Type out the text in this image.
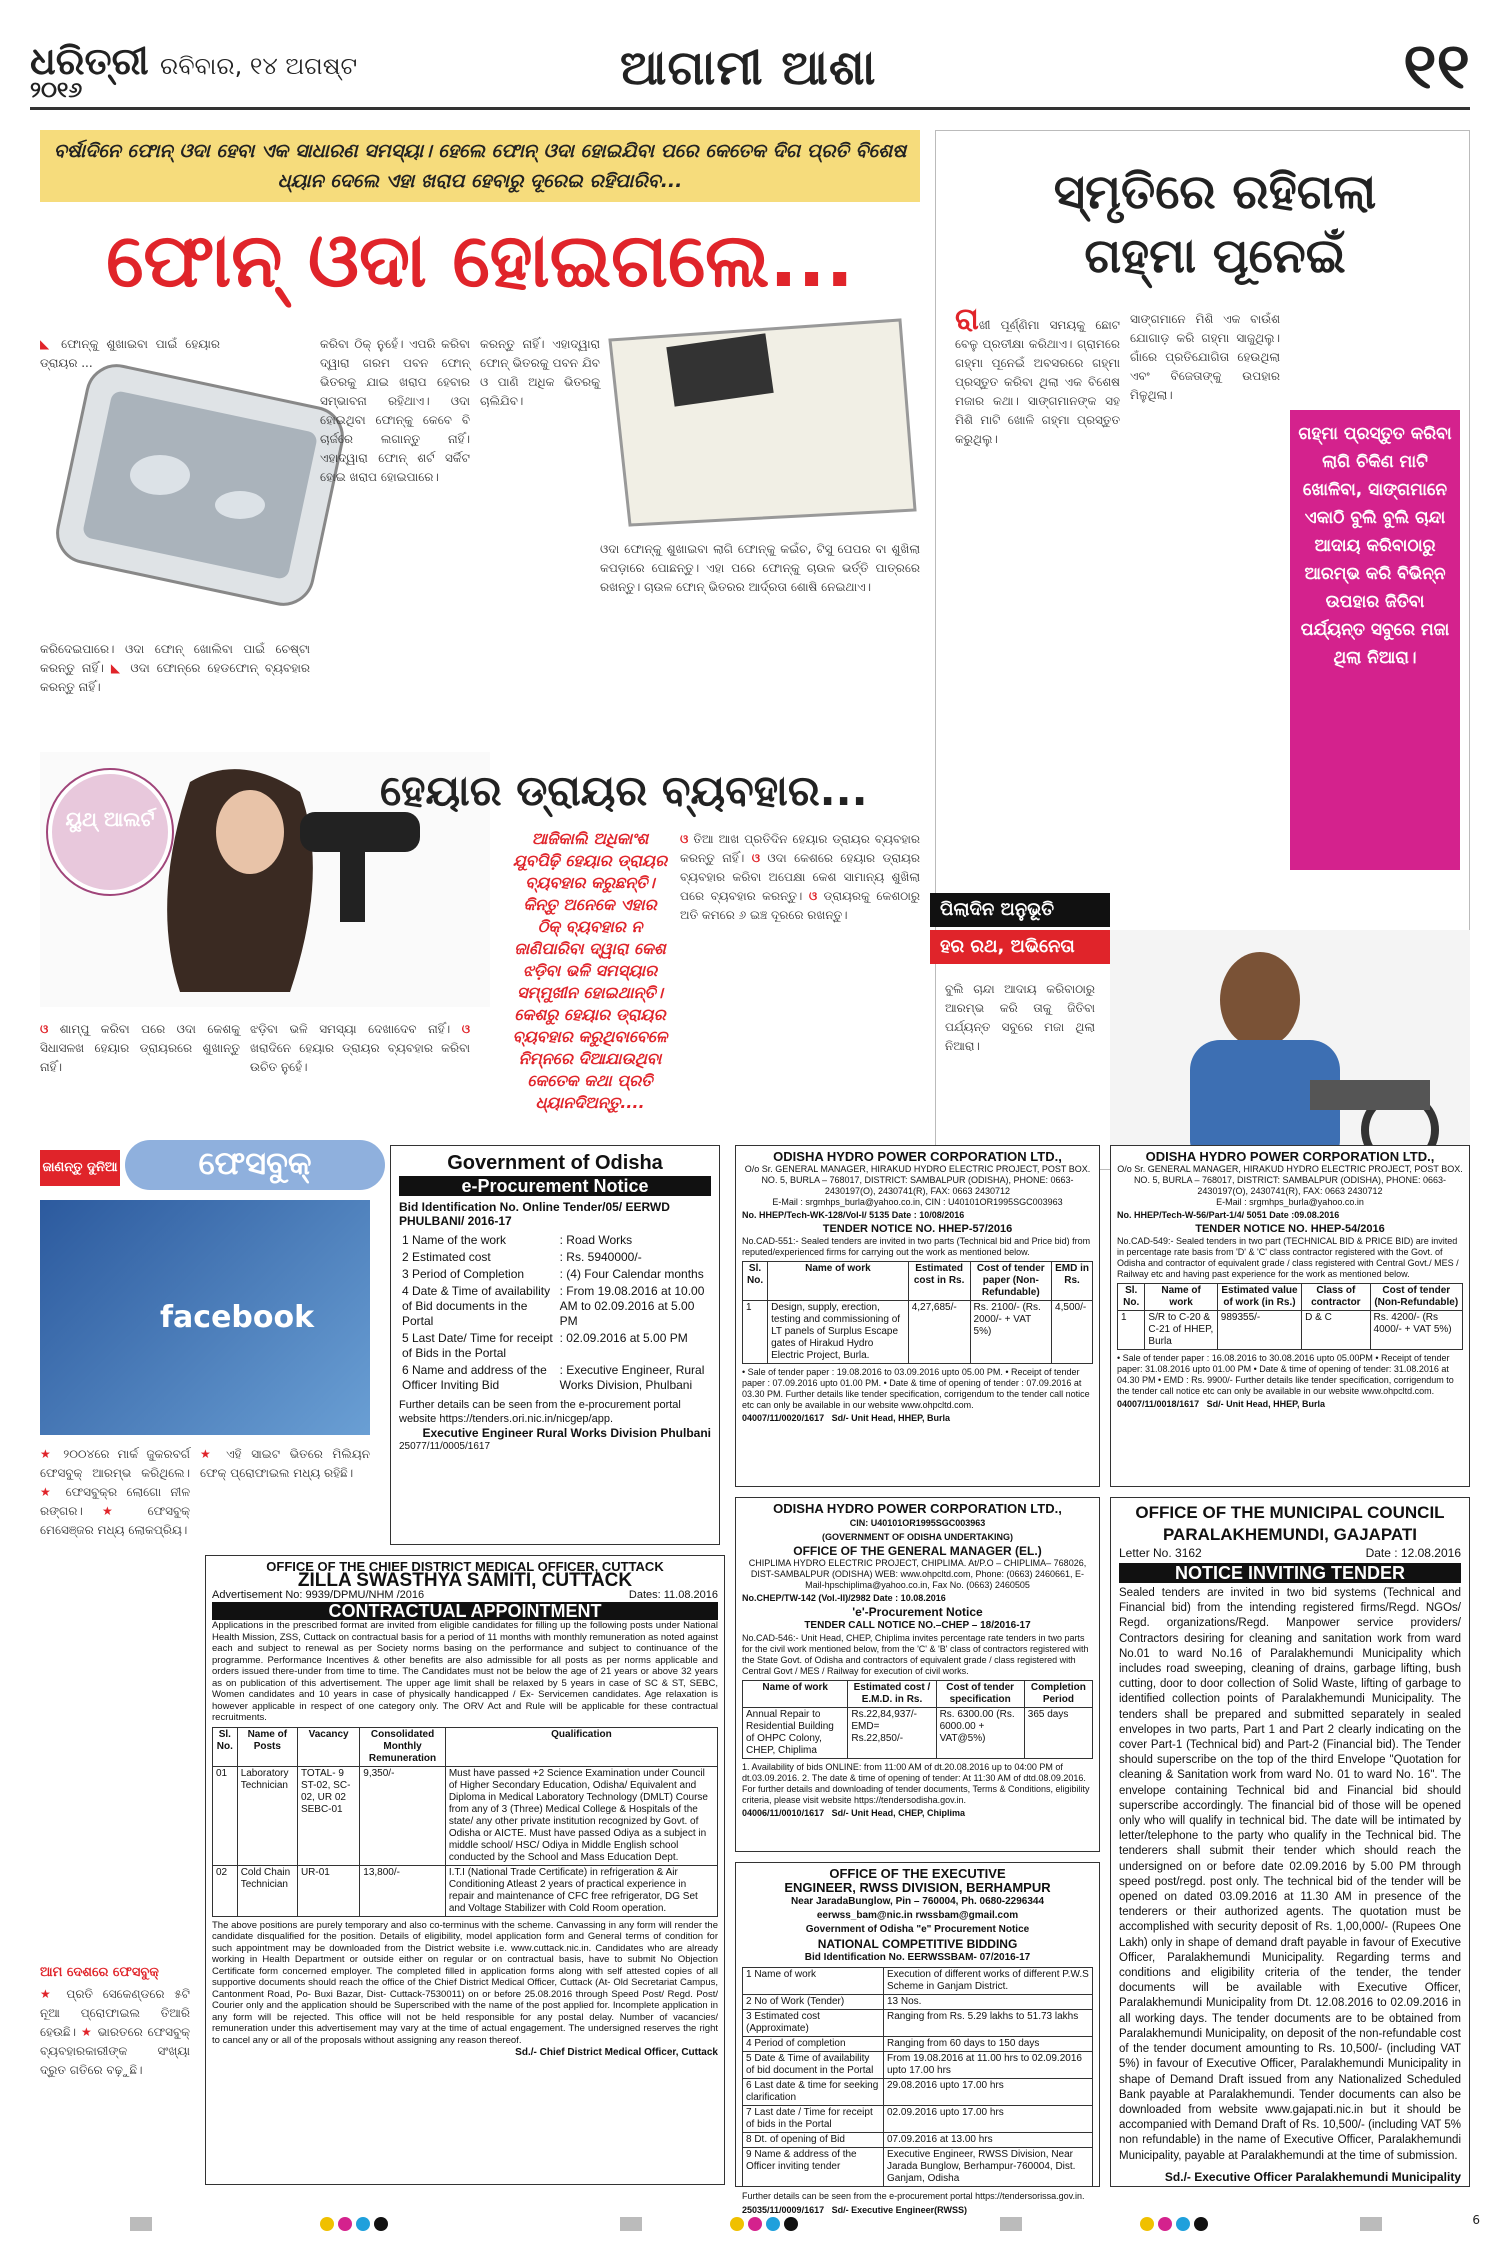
ଧରିତ୍ରୀ
୨୦୧୬
ରବିବାର, ୧୪ ଅଗଷ୍ଟ	ଆଗାମୀ ଆଶା	୧୧
ବର୍ଷାଦିନେ ଫୋନ୍ ଓଦା ହେବା ଏକ ସାଧାରଣ ସମସ୍ୟା। ହେଲେ ଫୋନ୍ ଓଦା ହୋଇଯିବା ପରେ କେତେକ ଦିଗ ପ୍ରତି ବିଶେଷ ଧ୍ୟାନ ଦେଲେ ଏହା ଖରାପ ହେବାରୁ ଦୂରେଇ ରହିପାରିବ...
ଫୋନ୍ ଓଦା ହୋଇଗଲେ...
◣ ଫୋନ୍କୁ ଶୁଖାଇବା ପାଇଁ ହେୟାର ଡ୍ରାୟର ...
କରିବା ଠିକ୍ ନୁହେଁ। ଏପରି କରିବା ଦ୍ୱାରା ଗରମ ପବନ ଫୋନ୍ ଭିତରକୁ ଯାଇ ଖରାପ ହେବାର ସମ୍ଭାବନା ରହିଥାଏ। ଓଦା ହୋଇଥିବା ଫୋନ୍କୁ କେବେ ବି ଚାର୍ଜରେ ଲଗାନ୍ତୁ ନାହିଁ। ଏହାଦ୍ୱାରା ଫୋନ୍ ଶର୍ଟ ସର୍କିଟ ହୋଇ ଖରାପ ହୋଇପାରେ।
କରନ୍ତୁ ନାହିଁ। ଏହାଦ୍ୱାରା ଫୋନ୍ ଭିତରକୁ ପବନ ଯିବ ଓ ପାଣି ଅଧିକ ଭିତରକୁ ଚାଲିଯିବ।
ଓଦା ଫୋନ୍କୁ ଶୁଖାଇବା ଲାଗି ଫୋନ୍କୁ କଇଁଚ, ଟିସୁ ପେପର ବା ଶୁଖିଲା କପଡ଼ାରେ ପୋଛନ୍ତୁ। ଏହା ପରେ ଫୋନ୍କୁ ଚାଉଳ ଭର୍ତ୍ତି ପାତ୍ରରେ ରଖନ୍ତୁ। ଚାଉଳ ଫୋନ୍ ଭିତରର ଆର୍ଦ୍ରତା ଶୋଷି ନେଇଥାଏ।
କରିଦେଇପାରେ। ଓଦା ଫୋନ୍ ଖୋଲିବା ପାଇଁ ଚେଷ୍ଟା କରନ୍ତୁ ନାହିଁ। ◣ ଓଦା ଫୋନ୍ରେ ହେଡଫୋନ୍ ବ୍ୟବହାର କରନ୍ତୁ ନାହିଁ।
ସ୍ମୃତିରେ ରହିଗଲା
ଗହ୍ମା ପୂନେଇଁ
ରାଖୀ ପୂର୍ଣ୍ଣିମା ସମୟକୁ ଛୋଟ ବେଳୁ ପ୍ରତୀକ୍ଷା କରିଥାଏ। ଗ୍ରାମରେ ଗହ୍ମା ପୂନେଇଁ ଅବସରରେ ଗହ୍ମା ପ୍ରସ୍ତୁତ କରିବା ଥିଲା ଏକ ବିଶେଷ ମଜାର କଥା। ସାଙ୍ଗମାନଙ୍କ ସହ ମିଶି ମାଟି ଖୋଳି ଗହ୍ମା ପ୍ରସ୍ତୁତ କରୁଥିଲୁ।
ସାଙ୍ଗମାନେ ମିଶି ଏକ ବାଉଁଶ ଯୋଗାଡ଼ କରି ଗହ୍ମା ସାଜୁଥିଲୁ। ଗାଁରେ ପ୍ରତିଯୋଗିତା ହେଉଥିଲା ଏବଂ ବିଜେତାଙ୍କୁ ଉପହାର ମିଳୁଥିଲା।
ଗହ୍ମା ପ୍ରସ୍ତୁତ କରିବା ଲାଗି ଚିକିଣ ମାଟି ଖୋଳିବା, ସାଙ୍ଗମାନେ ଏକାଠି ବୁଲି ବୁଲି ଚାନ୍ଦା ଆଦାୟ କରିବାଠାରୁ ଆରମ୍ଭ କରି ବିଭିନ୍ନ ଉପହାର ଜିତିବା ପର୍ଯ୍ୟନ୍ତ ସବୁରେ ମଜା ଥିଲା ନିଆରା।
ପିଲାଦିନ ଅନୁଭୂତି
ହର ରଥ, ଅଭିନେତା
ବୁଲି ଚାନ୍ଦା ଆଦାୟ କରିବାଠାରୁ ଆରମ୍ଭ କରି ତାକୁ ଜିତିବା ପର୍ଯ୍ୟନ୍ତ ସବୁରେ ମଜା ଥିଲା ନିଆରା।
ୟୁଥ୍ ଆଲର୍ଟ
ହେୟାର ଡ୍ରାୟର ବ୍ୟବହାର...
ଆଜିକାଲି ଅଧିକାଂଶ ଯୁବପିଢ଼ି ହେୟାର ଡ୍ରାୟର ବ୍ୟବହାର କରୁଛନ୍ତି। କିନ୍ତୁ ଅନେକେ ଏହାର ଠିକ୍ ବ୍ୟବହାର ନ ଜାଣିପାରିବା ଦ୍ୱାରା କେଶ ଝଡ଼ିବା ଭଳି ସମସ୍ୟାର ସମ୍ମୁଖୀନ ହୋଇଥାନ୍ତି। କେଶରୁ ହେୟାର ଡ୍ରାୟର ବ୍ୟବହାର କରୁଥିବାବେଳେ ନିମ୍ନରେ ଦିଆଯାଉଥିବା କେତେକ କଥା ପ୍ରତି ଧ୍ୟାନଦିଅନ୍ତୁ....
ଓ ତିଆ ଆଖ ପ୍ରତିଦିନ ହେୟାର ଡ୍ରାୟର ବ୍ୟବହାର କରନ୍ତୁ ନାହିଁ। ଓ ଓଦା କେଶରେ ହେୟାର ଡ୍ରାୟର ବ୍ୟବହାର କରିବା ଅପେକ୍ଷା କେଶ ସାମାନ୍ୟ ଶୁଖିଲା ପରେ ବ୍ୟବହାର କରନ୍ତୁ। ଓ ଡ୍ରାୟରକୁ କେଶଠାରୁ ଅତି କମରେ ୬ ଇଞ୍ଚ ଦୂରରେ ରଖନ୍ତୁ।
ଓ ଶାମ୍ପୁ କରିବା ପରେ ଓଦା କେଶକୁ ସିଧାସଳଖ ହେୟାର ଡ୍ରାୟରରେ ଶୁଖାନ୍ତୁ ନାହିଁ।
ଝଡ଼ିବା ଭଳି ସମସ୍ୟା ଦେଖାଦେବ ନାହିଁ। ଓ ଖରାଦିନେ ହେୟାର ଡ୍ରାୟର ବ୍ୟବହାର କରିବା ଉଚିତ ନୁହେଁ।
ଜାଣନ୍ତୁ ଦୁନିଆ	ଫେସବୁକ୍
facebook
★ ୨୦୦୪ରେ ମାର୍କ ଜୁକରବର୍ଗ ଫେସବୁକ୍ ଆରମ୍ଭ କରିଥିଲେ। ★ ଫେସବୁକ୍ର ଲୋଗୋ ନୀଳ ରଙ୍ଗର। ★ ଫେସବୁକ୍ ମେସେଞ୍ଜର ମଧ୍ୟ ଲୋକପ୍ରିୟ।
★ ଏହି ସାଇଟ ଭିତରେ ମିଲିୟନ ଫେକ୍ ପ୍ରୋଫାଇଲ ମଧ୍ୟ ରହିଛି।
ଆମ ଦେଶରେ ଫେସବୁକ୍
★ ପ୍ରତି ସେକେଣ୍ଡରେ ୫ଟି ନୂଆ ପ୍ରୋଫାଇଲ ତିଆରି ହେଉଛି। ★ ଭାରତରେ ଫେସବୁକ୍ ବ୍ୟବହାରକାରୀଙ୍କ ସଂଖ୍ୟା ଦ୍ରୁତ ଗତିରେ ବଢ଼ୁଛି।
Government of Odisha
e-Procurement Notice
Bid Identification No. Online Tender/05/ EERWD PHULBANI/ 2016-17
1 Name of the work	: Road Works
2 Estimated cost	: Rs. 5940000/-
3 Period of Completion	: (4) Four Calendar months
4 Date & Time of availability of Bid documents in the Portal	: From 19.08.2016 at 10.00 AM to 02.09.2016 at 5.00 PM
5 Last Date/ Time for receipt of Bids in the Portal	: 02.09.2016 at 5.00 PM
6 Name and address of the Officer Inviting Bid	: Executive Engineer, Rural Works Division, Phulbani
Further details can be seen from the e-procurement portal website https://tenders.ori.nic.in/nicgep/app.
Executive Engineer Rural Works Division Phulbani
25077/11/0005/1617
ODISHA HYDRO POWER CORPORATION LTD.,
O/o Sr. GENERAL MANAGER, HIRAKUD HYDRO ELECTRIC PROJECT, POST BOX. NO. 5, BURLA – 768017, DISTRICT: SAMBALPUR (ODISHA), PHONE: 0663-2430197(O), 2430741(R), FAX: 0663 2430712
E-Mail : srgmhps_burla@yahoo.co.in, CIN : U40101OR1995SGC003963
No. HHEP/Tech-WK-128/Vol-I/ 5135 Date : 10/08/2016
TENDER NOTICE NO. HHEP-57/2016
No.CAD-551:- Sealed tenders are invited in two parts (Technical bid and Price bid) from reputed/experienced firms for carrying out the work as mentioned below.
Sl. No.	Name of work	Estimated cost in Rs.	Cost of tender paper (Non-Refundable)	EMD in Rs.
1	Design, supply, erection, testing and commissioning of LT panels of Surplus Escape gates of Hirakud Hydro Electric Project, Burla.	4,27,685/-	Rs. 2100/- (Rs. 2000/- + VAT 5%)	4,500/-
• Sale of tender paper : 19.08.2016 to 03.09.2016 upto 05.00 PM. • Receipt of tender paper : 07.09.2016 upto 01.00 PM. • Date & time of opening of tender : 07.09.2016 at 03.30 PM. Further details like tender specification, corrigendum to the tender call notice etc can only be available in our website www.ohpcltd.com.
04007/11/0020/1617 Sd/- Unit Head, HHEP, Burla
ODISHA HYDRO POWER CORPORATION LTD.,
O/o Sr. GENERAL MANAGER, HIRAKUD HYDRO ELECTRIC PROJECT, POST BOX. NO. 5, BURLA – 768017, DISTRICT: SAMBALPUR (ODISHA), PHONE: 0663-2430197(O), 2430741(R), FAX: 0663 2430712
E-Mail : srgmhps_burla@yahoo.co.in
No. HHEP/Tech-W-56/Part-1/4/ 5051 Date :09.08.2016
TENDER NOTICE NO. HHEP-54/2016
No.CAD-549:- Sealed tenders in two part (TECHNICAL BID & PRICE BID) are invited in percentage rate basis from 'D' & 'C' class contractor registered with the Govt. of Odisha and contractor of equivalent grade / class registered with Central Govt./ MES / Railway etc and having past experience for the work as mentioned below.
Sl. No.	Name of work	Estimated value of work (in Rs.)	Class of contractor	Cost of tender (Non-Refundable)
1	S/R to C-20 & C-21 of HHEP, Burla	989355/-	D & C	Rs. 4200/- (Rs 4000/- + VAT 5%)
• Sale of tender paper : 16.08.2016 to 30.08.2016 upto 05.00PM • Receipt of tender paper: 31.08.2016 upto 01.00 PM • Date & time of opening of tender: 31.08.2016 at 04.30 PM • EMD : Rs. 9900/- Further details like tender specification, corrigendum to the tender call notice etc can only be available in our website www.ohpcltd.com.
04007/11/0018/1617 Sd/- Unit Head, HHEP, Burla
ODISHA HYDRO POWER CORPORATION LTD.,
CIN: U40101OR1995SGC003963
(GOVERNMENT OF ODISHA UNDERTAKING)
OFFICE OF THE GENERAL MANAGER (EL.)
CHIPLIMA HYDRO ELECTRIC PROJECT, CHIPLIMA. At/P.O – CHIPLIMA– 768026, DIST-SAMBALPUR (ODISHA) WEB: www.ohpcltd.com, Phone: (0663) 2460661, E-Mail-hpschiplima@yahoo.co.in, Fax No. (0663) 2460505
No.CHEP/TW-142 (Vol.-II)/2982 Date : 10.08.2016
'e'-Procurement Notice
TENDER CALL NOTICE NO.–CHEP – 18/2016-17
No.CAD-546:- Unit Head, CHEP, Chiplima invites percentage rate tenders in two parts for the civil work mentioned below, from the 'C' & 'B' class of contractors registered with the State Govt. of Odisha and contractors of equivalent grade / class registered with Central Govt / MES / Railway for execution of civil works.
Name of work	Estimated cost / E.M.D. in Rs.	Cost of tender specification	Completion Period
Annual Repair to Residential Building of OHPC Colony, CHEP, Chiplima	Rs.22,84,937/- EMD= Rs.22,850/-	Rs. 6300.00 (Rs. 6000.00 + VAT@5%)	365 days
1. Availability of bids ONLINE: from 11:00 AM of dt.20.08.2016 up to 04:00 PM of dt.03.09.2016. 2. The date & time of opening of tender: At 11:30 AM of dtd.08.09.2016. For further details and downloading of tender documents, Terms & Conditions, eligibility criteria, please visit website https://tendersodisha.gov.in.
04006/11/0010/1617 Sd/- Unit Head, CHEP, Chiplima
OFFICE OF THE MUNICIPAL COUNCIL
PARALAKHEMUNDI, GAJAPATI
Letter No. 3162	Date : 12.08.2016
NOTICE INVITING TENDER
Sealed tenders are invited in two bid systems (Technical and Financial bid) from the intending registered firms/Regd. NGOs/ Regd. organizations/Regd. Manpower service providers/ Contractors desiring for cleaning and sanitation work from ward No.01 to ward No.16 of Paralakhemundi Municipality which includes road sweeping, cleaning of drains, garbage lifting, bush cutting, door to door collection of Solid Waste, lifting of garbage to identified collection points of Paralakhemundi Municipality. The tenders shall be prepared and submitted separately in sealed envelopes in two parts, Part 1 and Part 2 clearly indicating on the cover Part-1 (Technical bid) and Part-2 (Financial bid). The Tender should superscribe on the top of the third Envelope "Quotation for cleaning & Sanitation work from ward No. 01 to ward No. 16". The envelope containing Technical bid and Financial bid should superscribe accordingly. The financial bid of those will be opened only who will qualify in technical bid. The date will be intimated by letter/telephone to the party who qualify in the Technical bid. The tenderers shall submit their tender which should reach the undersigned on or before date 02.09.2016 by 5.00 PM through speed post/regd. post only. The technical bid of the tender will be opened on dated 03.09.2016 at 11.30 AM in presence of the tenderers or their authorized agents. The quotation must be accomplished with security deposit of Rs. 1,00,000/- (Rupees One Lakh) only in shape of demand draft payable in favour of Executive Officer, Paralakhemundi Municipality. Regarding terms and conditions and eligibility criteria of the tender, the tender documents will be available with Executive Officer, Paralakhemundi Municipality from Dt. 12.08.2016 to 02.09.2016 in all working days. The tender documents are to be obtained from Paralakhemundi Municipality, on deposit of the non-refundable cost of the tender document amounting to Rs. 10,500/- (including VAT 5%) in favour of Executive Officer, Paralakhemundi Municipality in shape of Demand Draft issued from any Nationalized Scheduled Bank payable at Paralakhemundi. Tender documents can also be downloaded from website www.gajapati.nic.in but it should be accompanied with Demand Draft of Rs. 10,500/- (including VAT 5% non refundable) in the name of Executive Officer, Paralakhemundi Municipality, payable at Paralakhemundi at the time of submission.
Sd./- Executive Officer Paralakhemundi Municipality
OFFICE OF THE CHIEF DISTRICT MEDICAL OFFICER, CUTTACK
ZILLA SWASTHYA SAMITI, CUTTACK
Advertisement No: 9939/DPMU/NHM /2016	Dates: 11.08.2016
CONTRACTUAL APPOINTMENT
Applications in the prescribed format are invited from eligible candidates for filling up the following posts under National Health Mission, ZSS, Cuttack on contractual basis for a period of 11 months with monthly remuneration as noted against each and subject to renewal as per Society norms basing on the performance and subject to continuance of the programme. Performance Incentives & other benefits are also admissible for all posts as per norms applicable and orders issued there-under from time to time. The Candidates must not be below the age of 21 years or above 32 years as on publication of this advertisement. The upper age limit shall be relaxed by 5 years in case of SC & ST, SEBC, Women candidates and 10 years in case of physically handicapped / Ex- Servicemen candidates. Age relaxation is however applicable in respect of one category only. The ORV Act and Rule will be applicable for these contractual recruitments.
Sl. No.	Name of Posts	Vacancy	Consolidated Monthly Remuneration	Qualification
01	Laboratory Technician	TOTAL- 9 ST-02, SC-02, UR 02 SEBC-01	9,350/-	Must have passed +2 Science Examination under Council of Higher Secondary Education, Odisha/ Equivalent and Diploma in Medical Laboratory Technology (DMLT) Course from any of 3 (Three) Medical College & Hospitals of the state/ any other private institution recognized by Govt. of Odisha or AICTE. Must have passed Odiya as a subject in middle school/ HSC/ Odiya in Middle English school conducted by the School and Mass Education Dept.
02	Cold Chain Technician	UR-01	13,800/-	I.T.I (National Trade Certificate) in refrigeration & Air Conditioning Atleast 2 years of practical experience in repair and maintenance of CFC free refrigerator, DG Set and Voltage Stabilizer with Cold Room operation.
The above positions are purely temporary and also co-terminus with the scheme. Canvassing in any form will render the candidate disqualified for the position. Details of eligibility, model application form and General terms of condition for such appointment may be downloaded from the District website i.e. www.cuttack.nic.in. Candidates who are already working in Health Department or outside either on regular or on contractual basis, have to submit No Objection Certificate form concerned employer. The completed filled in application forms along with self attested copies of all supportive documents should reach the office of the Chief District Medical Officer, Cuttack (At- Old Secretariat Campus, Cantonment Road, Po- Buxi Bazar, Dist- Cuttack-7530011) on or before 25.08.2016 through Speed Post/ Regd. Post/ Courier only and the application should be Superscribed with the name of the post applied for. Incomplete application in any form will be rejected. This office will not be held responsible for any postal delay. Number of vacancies/ remuneration under this advertisement may vary at the time of actual engagement. The undersigned reserves the right to cancel any or all of the proposals without assigning any reason thereof.
Sd./- Chief District Medical Officer, Cuttack
OFFICE OF THE EXECUTIVE
ENGINEER, RWSS DIVISION, BERHAMPUR
Near JaradaBunglow, Pin – 760004, Ph. 0680-2296344
eerwss_bam@nic.in rwssbam@gmail.com
Government of Odisha "e" Procurement Notice
NATIONAL COMPETITIVE BIDDING
Bid Identification No. EERWSSBAM- 07/2016-17
1 Name of work	Execution of different works of different P.W.S Scheme in Ganjam District.
2 No of Work (Tender)	13 Nos.
3 Estimated cost (Approximate)	Ranging from Rs. 5.29 lakhs to 51.73 lakhs
4 Period of completion	Ranging from 60 days to 150 days
5 Date & Time of availability of bid document in the Portal	From 19.08.2016 at 11.00 hrs to 02.09.2016 upto 17.00 hrs
6 Last date & time for seeking clarification	29.08.2016 upto 17.00 hrs
7 Last date / Time for receipt of bids in the Portal	02.09.2016 upto 17.00 hrs
8 Dt. of opening of Bid	07.09.2016 at 13.00 hrs
9 Name & address of the Officer inviting tender	Executive Engineer, RWSS Division, Near Jarada Bunglow, Berhampur-760004, Dist. Ganjam, Odisha
Further details can be seen from the e-procurement portal https://tendersorissa.gov.in.
25035/11/0009/1617 Sd/- Executive Engineer(RWSS)
6
